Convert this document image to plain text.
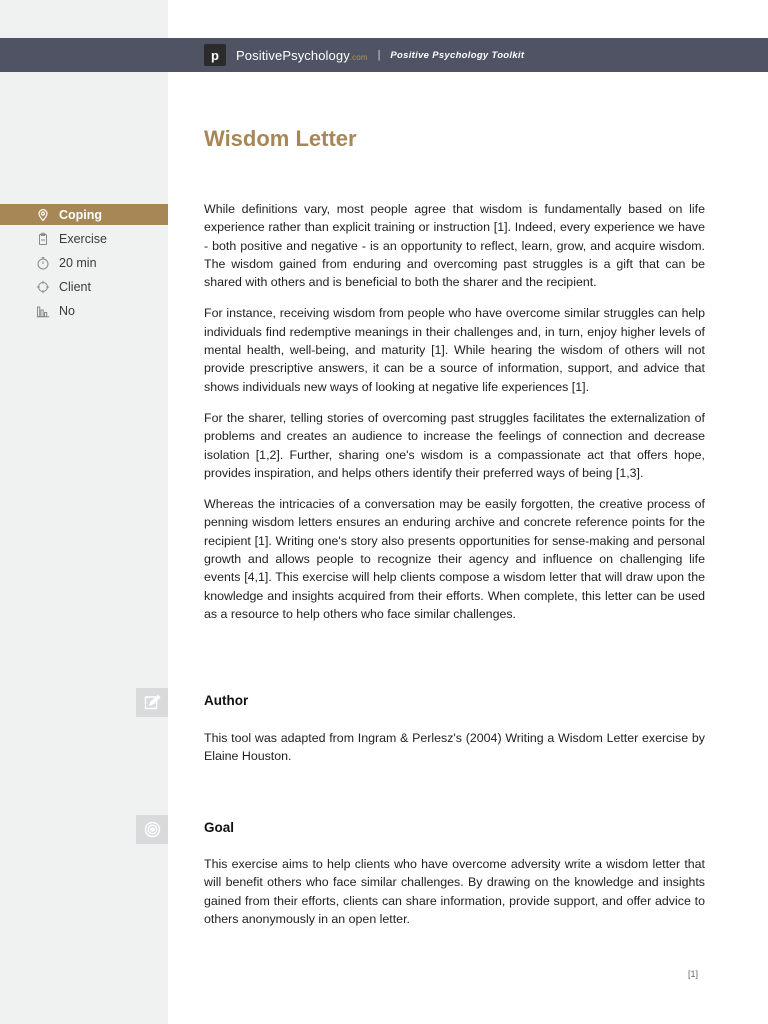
p	PositivePsychology.com | Positive Psychology Toolkit
Wisdom Letter
Coping
Exercise
20 min
Client
No

While definitions vary, most people agree that wisdom is fundamentally based on life experience rather than explicit training or instruction [1]. Indeed, every experience we have - both positive and negative - is an opportunity to reflect, learn, grow, and acquire wisdom. The wisdom gained from enduring and overcoming past struggles is a gift that can be shared with others and is beneficial to both the sharer and the recipient.

For instance, receiving wisdom from people who have overcome similar struggles can help individuals find redemptive meanings in their challenges and, in turn, enjoy higher levels of mental health, well-being, and maturity [1]. While hearing the wisdom of others will not provide prescriptive answers, it can be a source of information, support, and advice that shows individuals new ways of looking at negative life experiences [1].

For the sharer, telling stories of overcoming past struggles facilitates the externalization of problems and creates an audience to increase the feelings of connection and decrease isolation [1,2]. Further, sharing one's wisdom is a compassionate act that offers hope, provides inspiration, and helps others identify their preferred ways of being [1,3].

Whereas the intricacies of a conversation may be easily forgotten, the creative process of penning wisdom letters ensures an enduring archive and concrete reference points for the recipient [1]. Writing one's story also presents opportunities for sense-making and personal growth and allows people to recognize their agency and influence on challenging life events [4,1]. This exercise will help clients compose a wisdom letter that will draw upon the knowledge and insights acquired from their efforts. When complete, this letter can be used as a resource to help others who face similar challenges.

Author

This tool was adapted from Ingram & Perlesz's (2004) Writing a Wisdom Letter exercise by Elaine Houston.

Goal

This exercise aims to help clients who have overcome adversity write a wisdom letter that will benefit others who face similar challenges. By drawing on the knowledge and insights gained from their efforts, clients can share information, provide support, and offer advice to others anonymously in an open letter.

[1]
